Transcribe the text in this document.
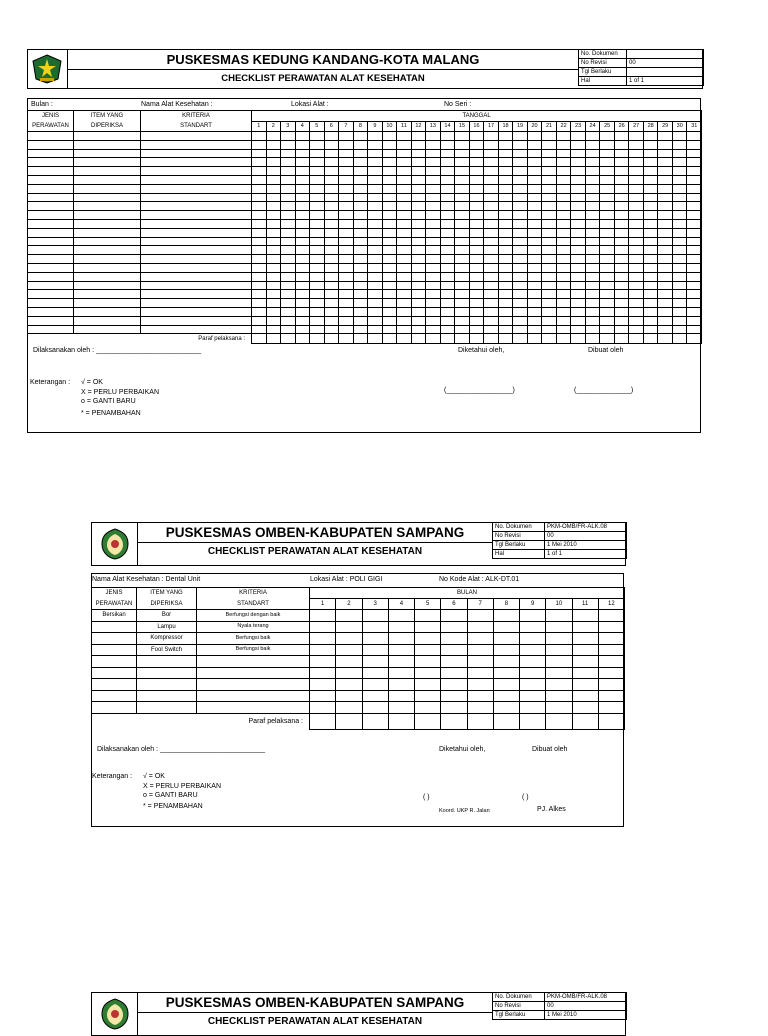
PUSKESMAS KEDUNG KANDANG-KOTA MALANG
CHECKLIST PERAWATAN ALAT KESEHATAN
No. Dokumen	
No Revisi	00
Tgl Berlaku	
Hal	1 of 1
Bulan :	Nama Alat Kesehatan :	Lokasi Alat :	No Seri :
JENIS	ITEM YANG	KRITERIA	TANGGAL																														
PERAWATAN	DIPERIKSA	STANDART	1	2	3	4	5	6	7	8	9	10	11	12	13	14	15	16	17	18	19	20	21	22	23	24	25	26	27	28	29	30	31

Paraf pelaksana :																																	
Dilaksanakan oleh : ___________________________	Diketahui oleh,	Dibuat oleh
(_________________)	(______________)
Keterangan : √ = OK
X = PERLU PERBAIKAN
o = GANTI BARU
* = PENAMBAHAN
PUSKESMAS OMBEN-KABUPATEN SAMPANG
CHECKLIST PERAWATAN ALAT KESEHATAN
No. Dokumen	PKM-OMB/FR-ALK.08
No Revisi	00
Tgl Berlaku	1 Mei 2010
Hal	1 of 1
Nama Alat Kesehatan : Dental Unit	Lokasi Alat : POLI GIGI	No Kode Alat : ALK-DT.01
JENIS	ITEM YANG	KRITERIA	BULAN											
PERAWATAN	DIPERIKSA	STANDART	1	2	3	4	5	6	7	8	9	10	11	12
Bersikan	Bor	Berfungsi dengan baik												
	Lampu	Nyala terang												
	Kompressor	Berfungsi baik												
	Fool Switch	Berfungsi baik												

Paraf pelaksana :														
Dilaksanakan oleh : ___________________________	Diketahui oleh,	Dibuat oleh
( )	( )
Koord. UKP R. Jalan	PJ. Alkes
Keterangan : √ = OK
X = PERLU PERBAIKAN
o = GANTI BARU
* = PENAMBAHAN
PUSKESMAS OMBEN-KABUPATEN SAMPANG
CHECKLIST PERAWATAN ALAT KESEHATAN
No. Dokumen	PKM-OMB/FR-ALK.08
No Revisi	00
Tgl Berlaku	1 Mei 2010
